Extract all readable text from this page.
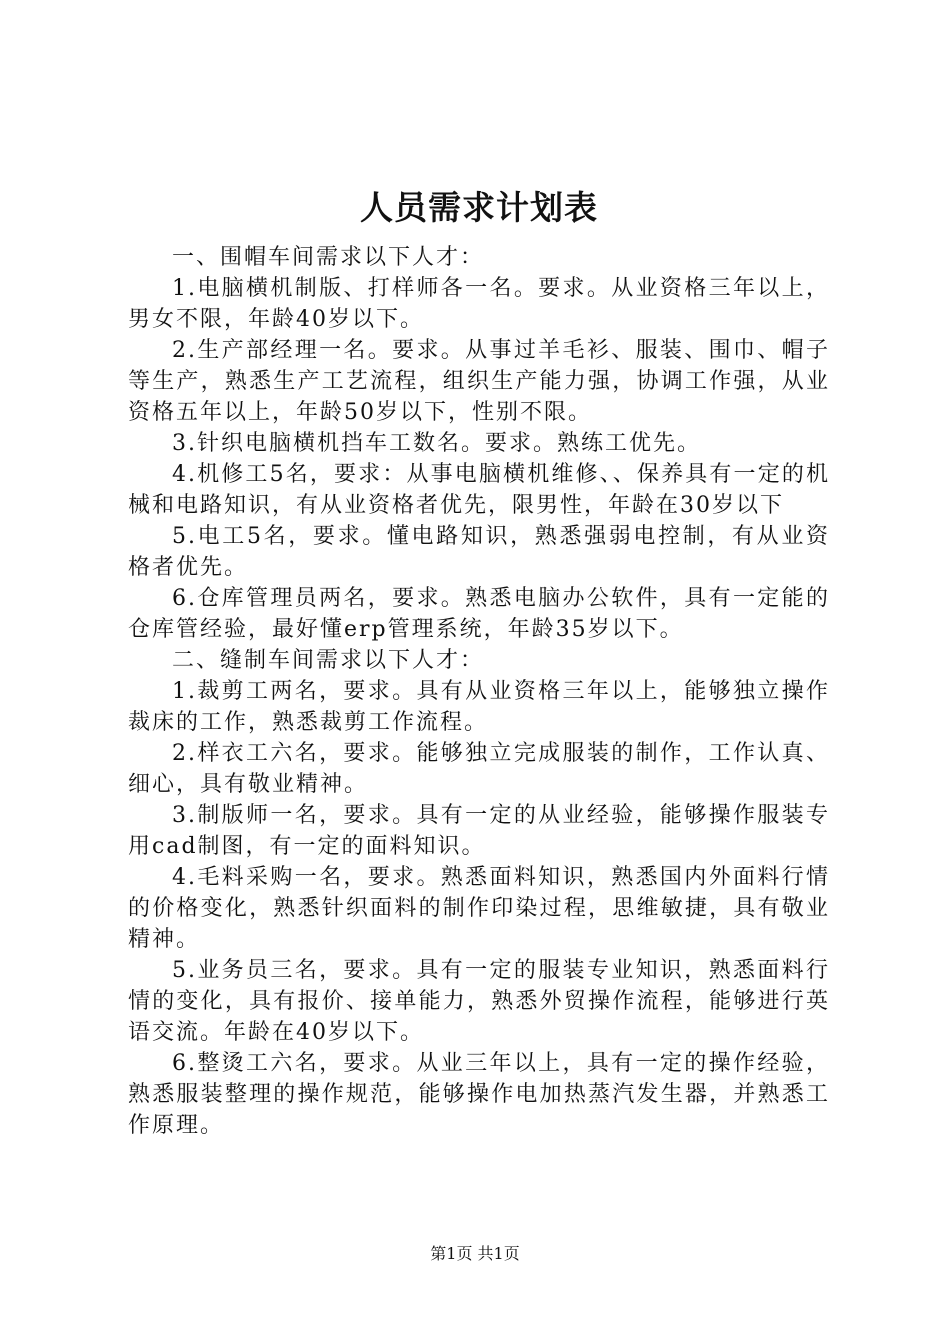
人员需求计划表

一、围帽车间需求以下人才：

1.电脑横机制版、打样师各一名。要求。从业资格三年以上，男女不限，年龄40岁以下。

2.生产部经理一名。要求。从事过羊毛衫、服装、围巾、帽子等生产，熟悉生产工艺流程，组织生产能力强，协调工作强，从业资格五年以上，年龄50岁以下，性别不限。

3.针织电脑横机挡车工数名。要求。熟练工优先。

4.机修工5名，要求：从事电脑横机维修、、保养具有一定的机械和电路知识，有从业资格者优先，限男性，年龄在30岁以下

5.电工5名，要求。懂电路知识，熟悉强弱电控制，有从业资格者优先。

6.仓库管理员两名，要求。熟悉电脑办公软件，具有一定能的仓库管经验，最好懂erp管理系统，年龄35岁以下。

二、缝制车间需求以下人才：

1.裁剪工两名，要求。具有从业资格三年以上，能够独立操作裁床的工作，熟悉裁剪工作流程。

2.样衣工六名，要求。能够独立完成服装的制作，工作认真、细心，具有敬业精神。

3.制版师一名，要求。具有一定的从业经验，能够操作服装专用cad制图，有一定的面料知识。

4.毛料采购一名，要求。熟悉面料知识，熟悉国内外面料行情的价格变化，熟悉针织面料的制作印染过程，思维敏捷，具有敬业精神。

5.业务员三名，要求。具有一定的服装专业知识，熟悉面料行情的变化，具有报价、接单能力，熟悉外贸操作流程，能够进行英语交流。年龄在40岁以下。

6.整烫工六名，要求。从业三年以上，具有一定的操作经验，熟悉服装整理的操作规范，能够操作电加热蒸汽发生器，并熟悉工作原理。

第1页 共1页
